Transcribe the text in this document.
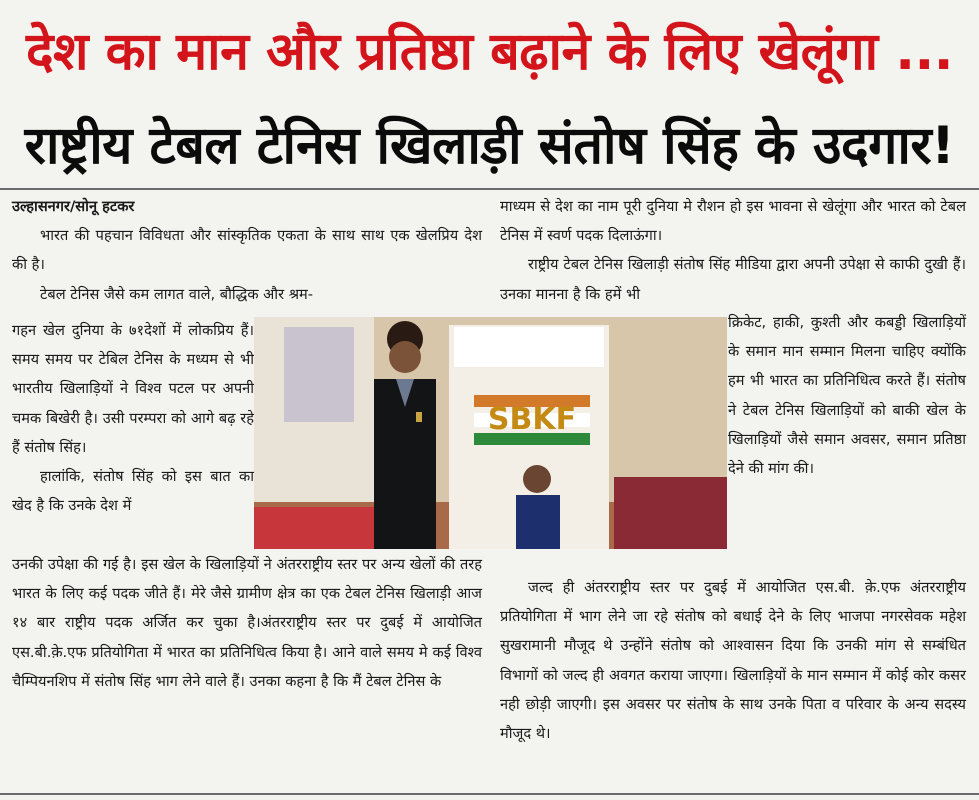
देश का मान और प्रतिष्ठा बढ़ाने के लिए खेलूंगा ...
राष्ट्रीय टेबल टेनिस खिलाड़ी संतोष सिंह के उदगार!

उल्हासनगर/सोनू हटकर

भारत की पहचान विविधता और सांस्कृतिक एकता के साथ साथ एक खेलप्रिय देश की है।

टेबल टेनिस जैसे कम लागत वाले, बौद्धिक और श्रम-

गहन खेल दुनिया के ७१देशों में लोकप्रिय हैं। समय समय पर टेबिल टेनिस के मध्यम से भी भारतीय खिलाड़ियों ने विश्व पटल पर अपनी चमक बिखेरी है। उसी परम्परा को आगे बढ़ रहे हैं संतोष सिंह।

हालांकि, संतोष सिंह को इस बात का खेद है कि उनके देश में

उनकी उपेक्षा की गई है। इस खेल के खिलाड़ियों ने अंतरराष्ट्रीय स्तर पर अन्य खेलों की तरह भारत के लिए कई पदक जीते हैं। मेरे जैसे ग्रामीण क्षेत्र का एक टेबल टेनिस खिलाड़ी आज १४ बार राष्ट्रीय पदक अर्जित कर चुका है।अंतरराष्ट्रीय स्तर पर दुबई में आयोजित एस.बी.क़े.एफ प्रतियोगिता में भारत का प्रतिनिधित्व किया है। आने वाले समय मे कई विश्व चैम्पियनशिप में संतोष सिंह भाग लेने वाले हैं। उनका कहना है कि मैं टेबल टेनिस के

माध्यम से देश का नाम पूरी दुनिया मे रौशन हो इस भावना से खेलूंगा और भारत को टेबल टेनिस में स्वर्ण पदक दिलाऊंगा।

राष्ट्रीय टेबल टेनिस खिलाड़ी संतोष सिंह मीडिया द्वारा अपनी उपेक्षा से काफी दुखी हैं। उनका मानना है कि हमें भी

क्रिकेट, हाकी, कुश्ती और कबड्डी खिलाड़ियों के समान मान सम्मान मिलना चाहिए क्योंकि हम भी भारत का प्रतिनिधित्व करते हैं। संतोष ने टेबल टेनिस खिलाड़ियों को बाकी खेल के खिलाड़ियों जैसे समान अवसर, समान प्रतिष्ठा देने की मांग की।

जल्द ही अंतरराष्ट्रीय स्तर पर दुबई में आयोजित एस.बी. क़े.एफ अंतरराष्ट्रीय प्रतियोगिता में भाग लेने जा रहे संतोष को बधाई देने के लिए भाजपा नगरसेवक महेश सुखरामानी मौजूद थे उन्होंने संतोष को आश्वासन दिया कि उनकी मांग से सम्बंधित विभागों को जल्द ही अवगत कराया जाएगा। खिलाड़ियों के मान सम्मान में कोई कोर कसर नही छोड़ी जाएगी। इस अवसर पर संतोष के साथ उनके पिता व परिवार के अन्य सदस्य मौजूद थे।

SBKF
